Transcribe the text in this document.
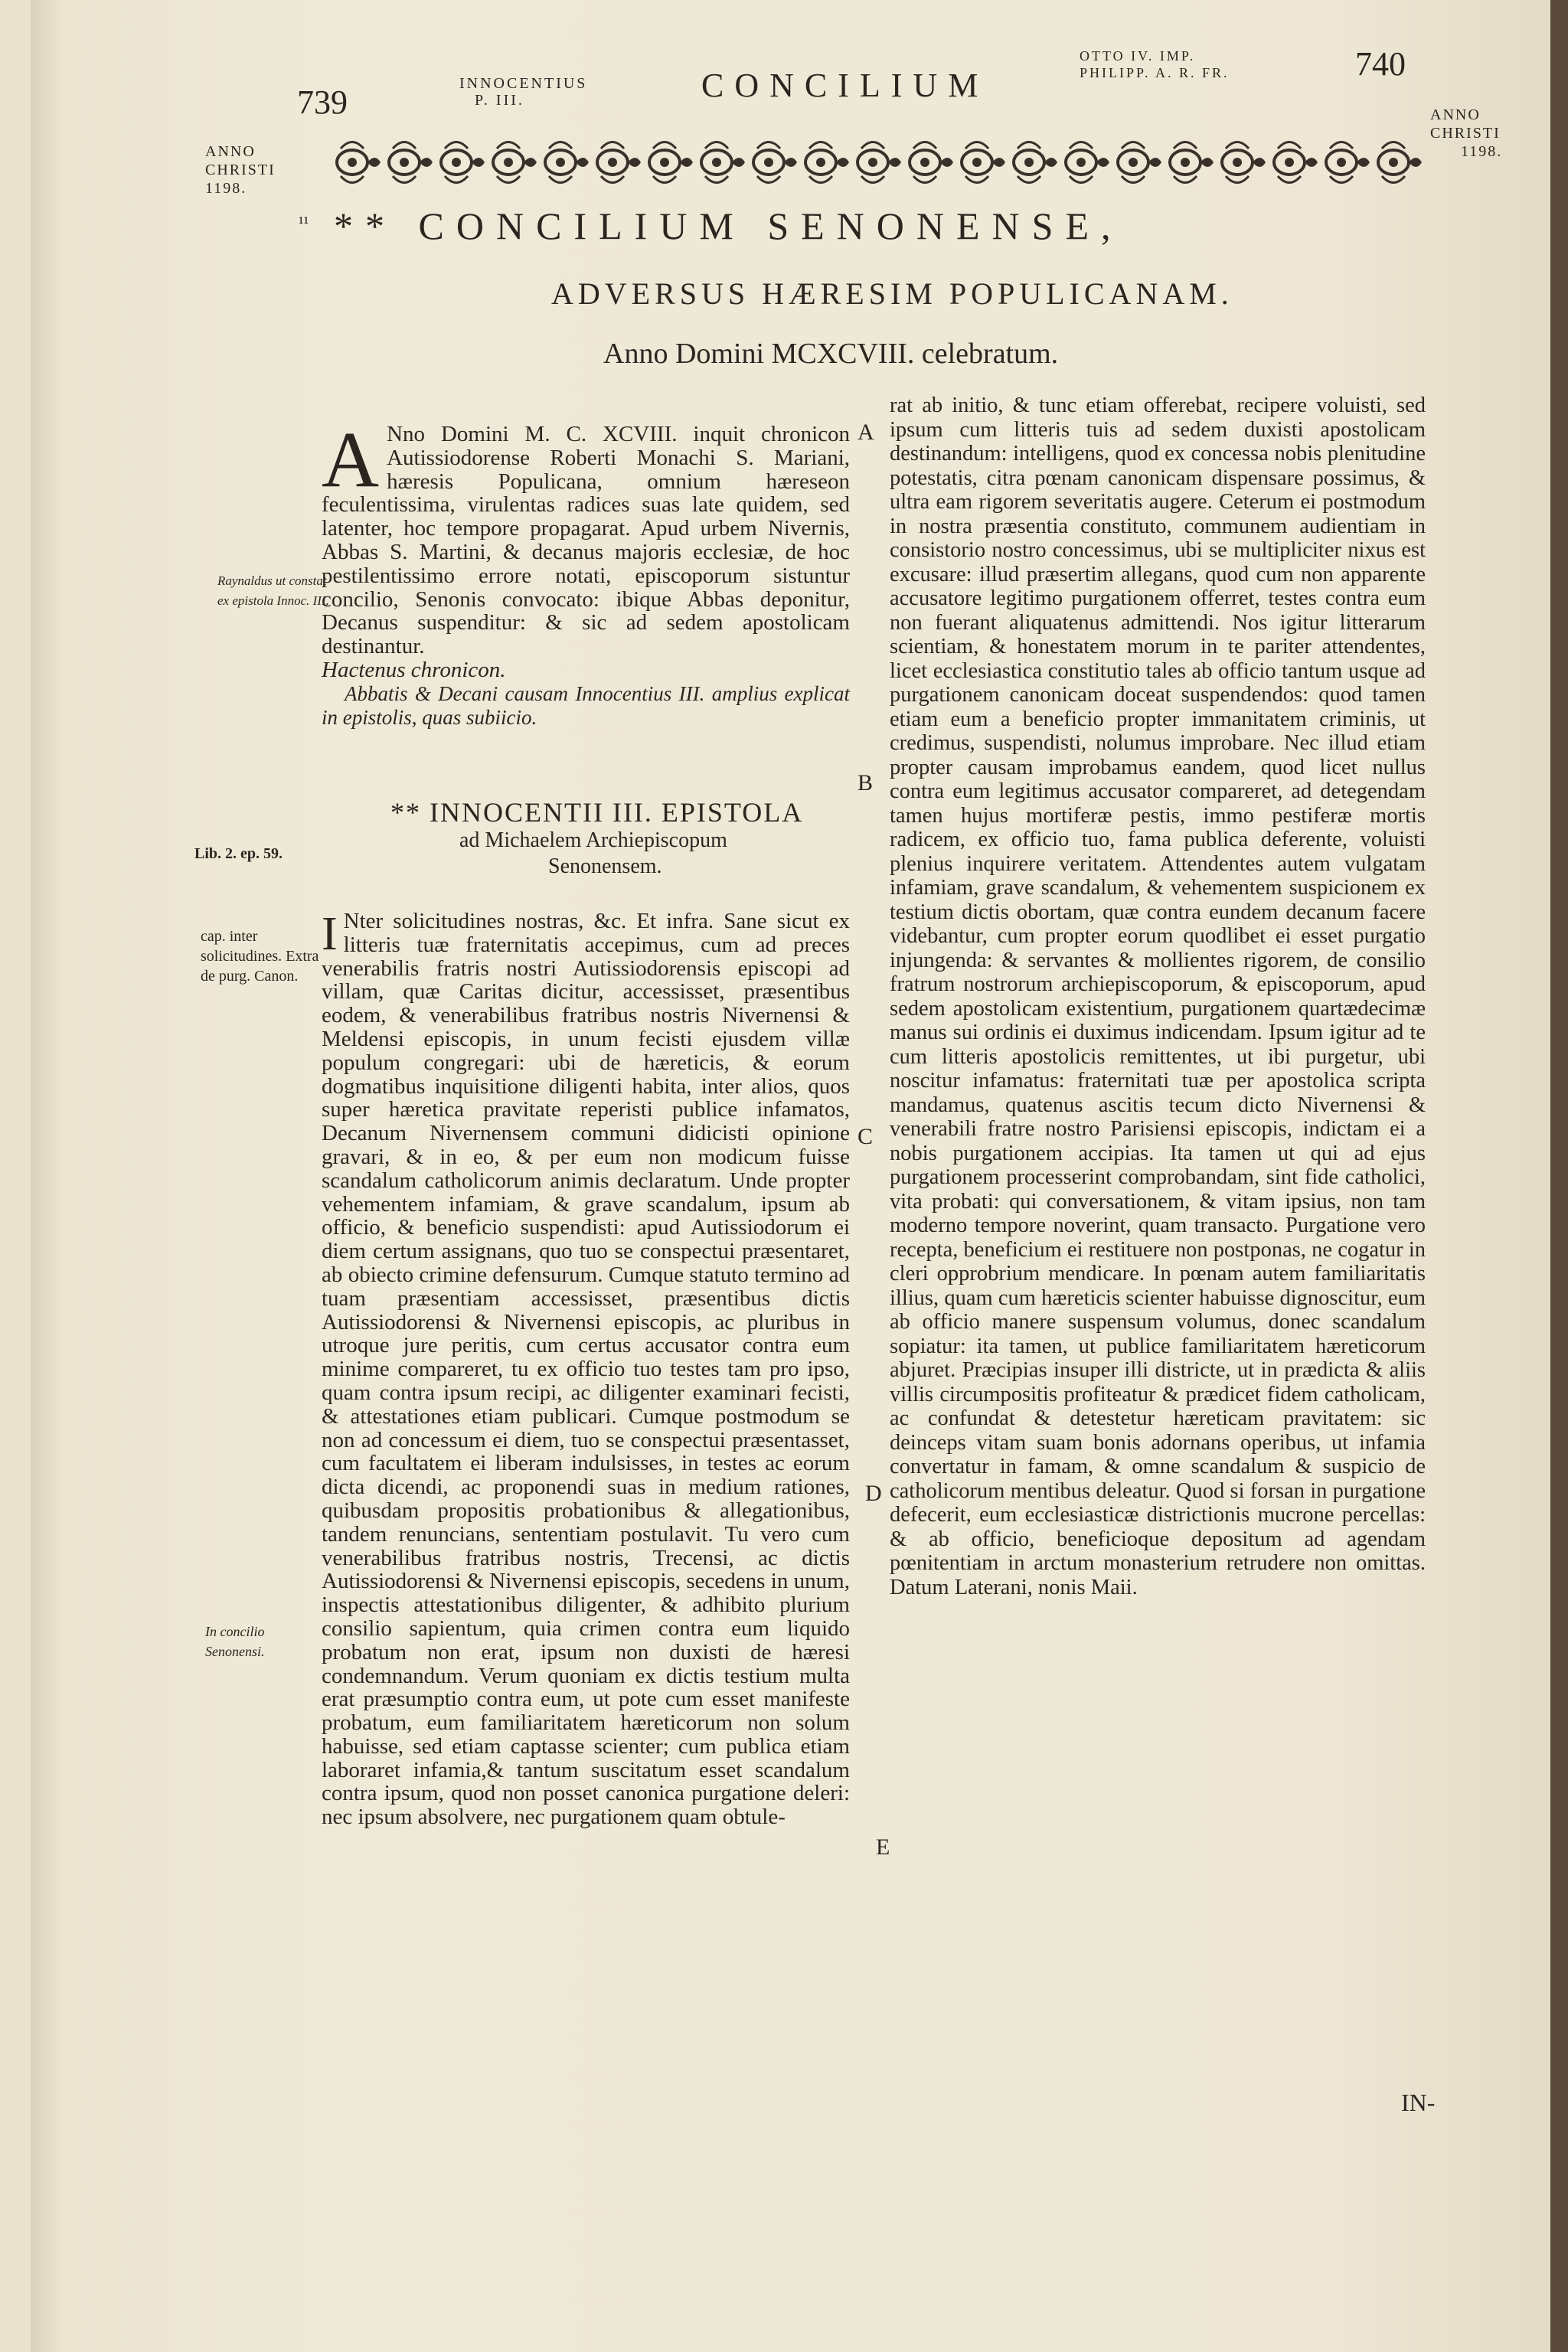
739	INNOCENTIUS
P. III.	CONCILIUM
OTTO IV. IMP.
PHILIPP. A. R. FR.	740
ANNO
CHRISTI
1198.
ANNO
CHRISTI
1198.
¹¹ ** CONCILIUM SENONENSE,
ADVERSUS HÆRESIM POPULICANAM.
Anno Domini MCXCVIII. celebratum.
Raynaldus ut constat ex epistola Innoc. III.
Lib. 2. ep. 59.
cap. inter solicitudines. Extra de purg. Canon.
In concilio Senonensi.
A
B
C
D
E

A Nno Domini M. C. XCVIII. inquit chronicon Autissiodorense Roberti Monachi S. Mariani, hæresis Populicana, omnium hæreseon feculentissima, virulentas radices suas late quidem, sed latenter, hoc tempore propagarat. Apud urbem Nivernis, Abbas S. Martini, & decanus majoris ecclesiæ, de hoc pestilentissimo errore notati, episcoporum sistuntur concilio, Senonis convocato: ibique Abbas deponitur, Decanus suspenditur: & sic ad sedem apostolicam destinantur.

Hactenus chronicon.

Abbatis & Decani causam Innocentius III. amplius explicat in epistolis, quas subiicio.

** INNOCENTII III. EPISTOLA
ad Michaelem Archiepiscopum
Senonensem.

I Nter solicitudines nostras, &c. Et infra. Sane sicut ex litteris tuæ fraternitatis accepimus, cum ad preces venerabilis fratris nostri Autissiodorensis episcopi ad villam, quæ Caritas dicitur, accessisset, præsentibus eodem, & venerabilibus fratribus nostris Nivernensi & Meldensi episcopis, in unum fecisti ejusdem villæ populum congregari: ubi de hæreticis, & eorum dogmatibus inquisitione diligenti habita, inter alios, quos super hæretica pravitate reperisti publice infamatos, Decanum Nivernensem communi didicisti opinione gravari, & in eo, & per eum non modicum fuisse scandalum catholicorum animis declaratum. Unde propter vehementem infamiam, & grave scandalum, ipsum ab officio, & beneficio suspendisti: apud Autissiodorum ei diem certum assignans, quo tuo se conspectui præsentaret, ab obiecto crimine defensurum. Cumque statuto termino ad tuam præsentiam accessisset, præsentibus dictis Autissiodorensi & Nivernensi episcopis, ac pluribus in utroque jure peritis, cum certus accusator contra eum minime compareret, tu ex officio tuo testes tam pro ipso, quam contra ipsum recipi, ac diligenter examinari fecisti, & attestationes etiam publicari. Cumque postmodum se non ad concessum ei diem, tuo se conspectui præsentasset, cum facultatem ei liberam indulsisses, in testes ac eorum dicta dicendi, ac proponendi suas in medium rationes, quibusdam propositis probationibus & allegationibus, tandem renuncians, sententiam postulavit. Tu vero cum venerabilibus fratribus nostris, Trecensi, ac dictis Autissiodorensi & Nivernensi episcopis, secedens in unum, inspectis attestationibus diligenter, & adhibito plurium consilio sapientum, quia crimen contra eum liquido probatum non erat, ipsum non duxisti de hæresi condemnandum. Verum quoniam ex dictis testium multa erat præsumptio contra eum, ut pote cum esset manifeste probatum, eum familiaritatem hæreticorum non solum habuisse, sed etiam captasse scienter; cum publica etiam laboraret infamia,& tantum suscitatum esset scandalum contra ipsum, quod non posset canonica purgatione deleri: nec ipsum absolvere, nec purgationem quam obtule-

rat ab initio, & tunc etiam offerebat, recipere voluisti, sed ipsum cum litteris tuis ad sedem duxisti apostolicam destinandum: intelligens, quod ex concessa nobis plenitudine potestatis, citra pœnam canonicam dispensare possimus, & ultra eam rigorem severitatis augere. Ceterum ei postmodum in nostra præsentia constituto, communem audientiam in consistorio nostro concessimus, ubi se multipliciter nixus est excusare: illud præsertim allegans, quod cum non apparente accusatore legitimo purgationem offerret, testes contra eum non fuerant aliquatenus admittendi. Nos igitur litterarum scientiam, & honestatem morum in te pariter attendentes, licet ecclesiastica constitutio tales ab officio tantum usque ad purgationem canonicam doceat suspendendos: quod tamen etiam eum a beneficio propter immanitatem criminis, ut credimus, suspendisti, nolumus improbare. Nec illud etiam propter causam improbamus eandem, quod licet nullus contra eum legitimus accusator compareret, ad detegendam tamen hujus mortiferæ pestis, immo pestiferæ mortis radicem, ex officio tuo, fama publica deferente, voluisti plenius inquirere veritatem. Attendentes autem vulgatam infamiam, grave scandalum, & vehementem suspicionem ex testium dictis obortam, quæ contra eundem decanum facere videbantur, cum propter eorum quodlibet ei esset purgatio injungenda: & servantes & mollientes rigorem, de consilio fratrum nostrorum archiepiscoporum, & episcoporum, apud sedem apostolicam existentium, purgationem quartædecimæ manus sui ordinis ei duximus indicendam. Ipsum igitur ad te cum litteris apostolicis remittentes, ut ibi purgetur, ubi noscitur infamatus: fraternitati tuæ per apostolica scripta mandamus, quatenus ascitis tecum dicto Nivernensi & venerabili fratre nostro Parisiensi episcopis, indictam ei a nobis purgationem accipias. Ita tamen ut qui ad ejus purgationem processerint comprobandam, sint fide catholici, vita probati: qui conversationem, & vitam ipsius, non tam moderno tempore noverint, quam transacto. Purgatione vero recepta, beneficium ei restituere non postponas, ne cogatur in cleri opprobrium mendicare. In pœnam autem familiaritatis illius, quam cum hæreticis scienter habuisse dignoscitur, eum ab officio manere suspensum volumus, donec scandalum sopiatur: ita tamen, ut publice familiaritatem hæreticorum abjuret. Præcipias insuper illi districte, ut in prædicta & aliis villis circumpositis profiteatur & prædicet fidem catholicam, ac confundat & detestetur hæreticam pravitatem: sic deinceps vitam suam bonis adornans operibus, ut infamia convertatur in famam, & omne scandalum & suspicio de catholicorum mentibus deleatur. Quod si forsan in purgatione defecerit, eum ecclesiasticæ districtionis mucrone percellas: & ab officio, beneficioque depositum ad agendam pœnitentiam in arctum monasterium retrudere non omittas. Datum Laterani, nonis Maii.

IN-
